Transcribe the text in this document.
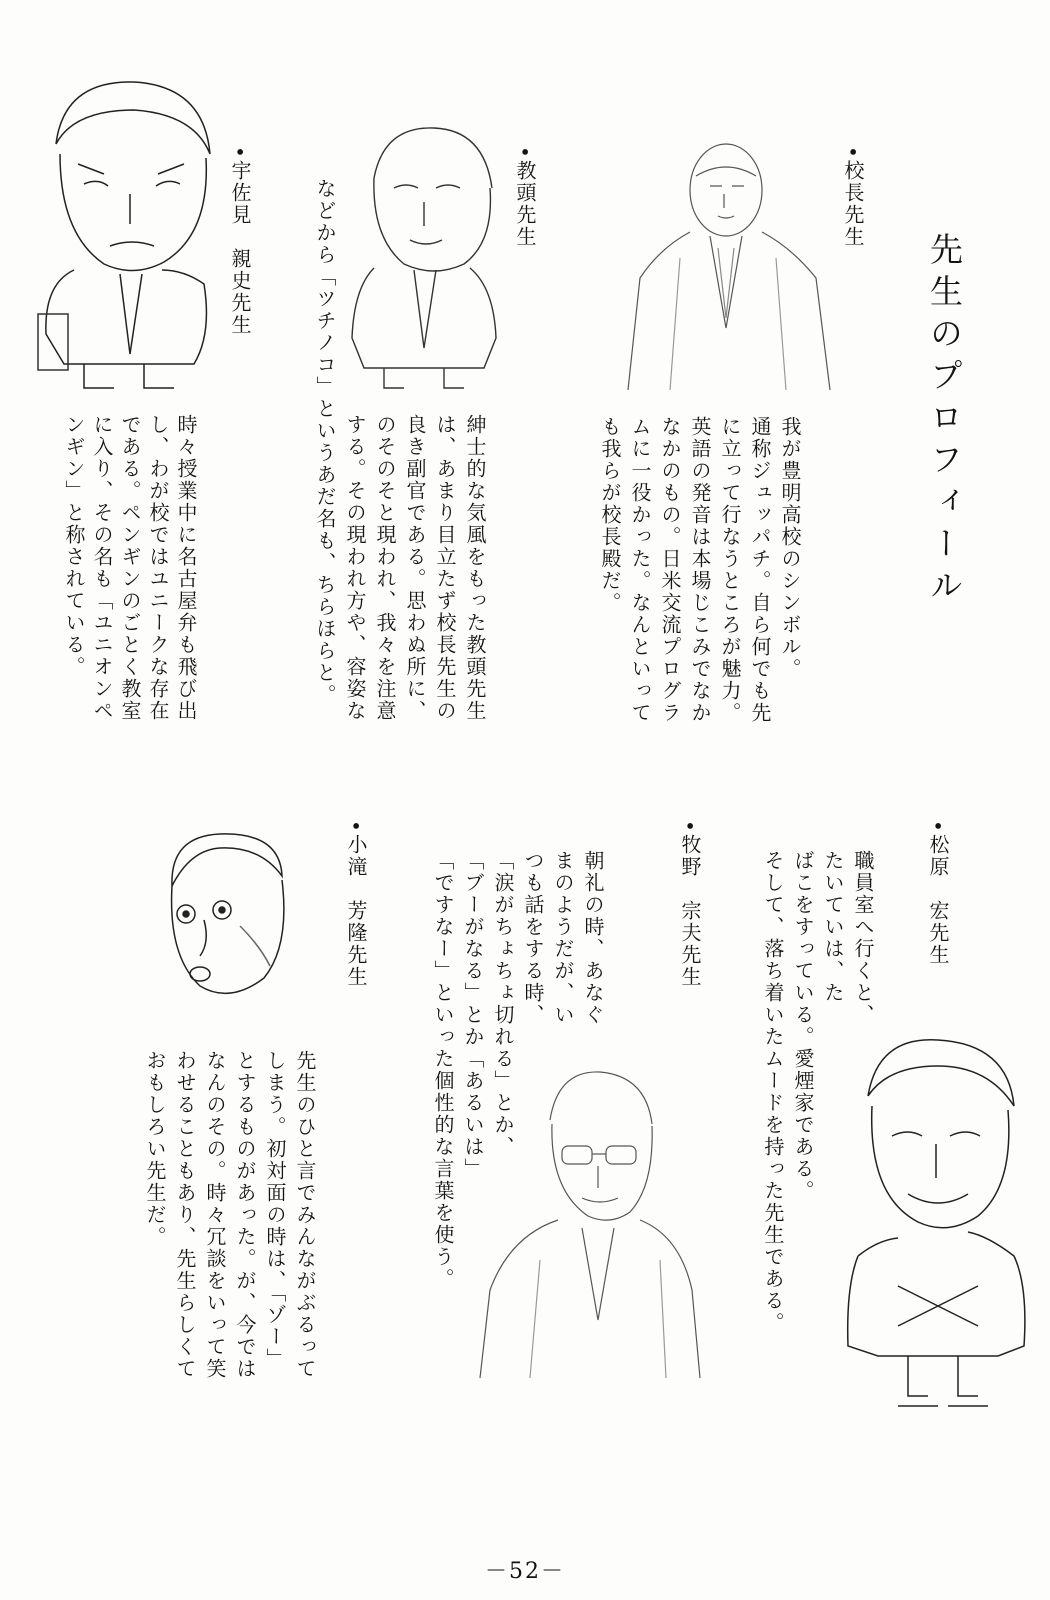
先生のプロフィール
•校長先生
我が豊明高校のシンボル。
通称ジュッパチ。自ら何でも先
に立って行なうところが魅力。
英語の発音は本場じこみでなか
なかのもの。日米交流プログラ
ムに一役かった。なんといって
も我らが校長殿だ。
•教頭先生
紳士的な気風をもった教頭先生
は、あまり目立たず校長先生の
良き副官である。思わぬ所に、
のそのそと現われ、我々を注意
する。その現われ方や、容姿な
などから「ツチノコ」というあだ名も、ちらほらと。
•宇佐見　親史先生
時々授業中に名古屋弁も飛び出
し、わが校ではユニークな存在
である。ペンギンのごとく教室
に入り、その名も「ユニオンペ
ンギン」と称されている。
•松原　宏先生
職員室へ行くと、
たいていは、た
ばこをすっている。愛煙家である。
そして、落ち着いたムードを持った先生である。
•牧野　宗夫先生
朝礼の時、あなぐ
まのようだが、い
つも話をする時、
「涙がちょちょ切れる」とか、
「ブーがなる」とか「あるいは」
「ですなー」といった個性的な言葉を使う。
•小滝　芳隆先生
先生のひと言でみんながぶるって
しまう。初対面の時は、「ゾー」
とするものがあった。が、今では
なんのその。時々冗談をいって笑
わせることもあり、先生らしくて
おもしろい先生だ。
－52－
